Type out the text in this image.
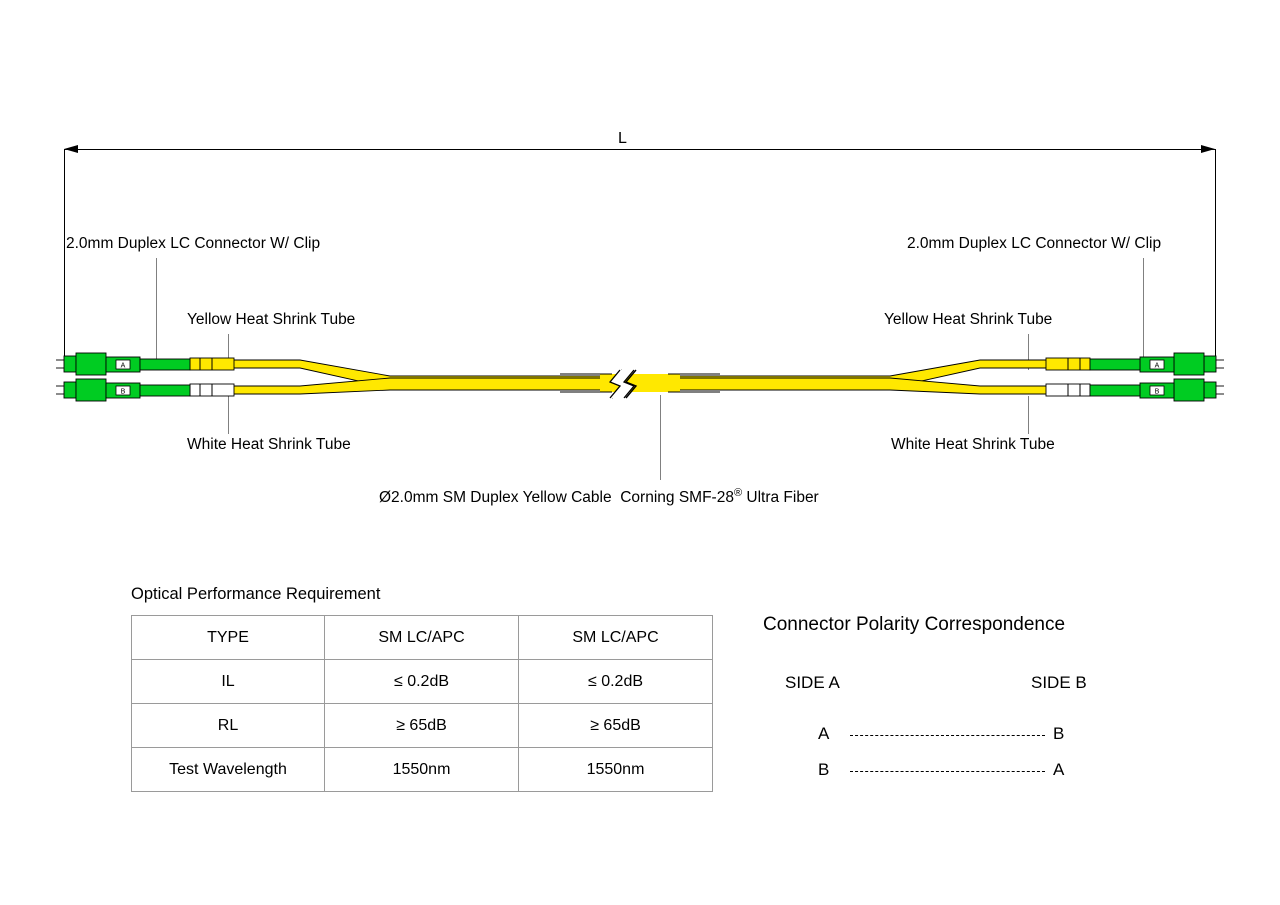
L
2.0mm Duplex LC Connector W/ Clip
Yellow Heat Shrink Tube
White Heat Shrink Tube
2.0mm Duplex LC Connector W/ Clip
Yellow Heat Shrink Tube
White Heat Shrink Tube
Ø2.0mm SM Duplex Yellow Cable Corning SMF-28® Ultra Fiber
A
B
A
B
Optical Performance Requirement
TYPE	SM LC/APC	SM LC/APC
IL	≤ 0.2dB	≤ 0.2dB
RL	≥ 65dB	≥ 65dB
Test Wavelength	1550nm	1550nm
Connector Polarity Correspondence
SIDE A	SIDE B
A	B
B	A
